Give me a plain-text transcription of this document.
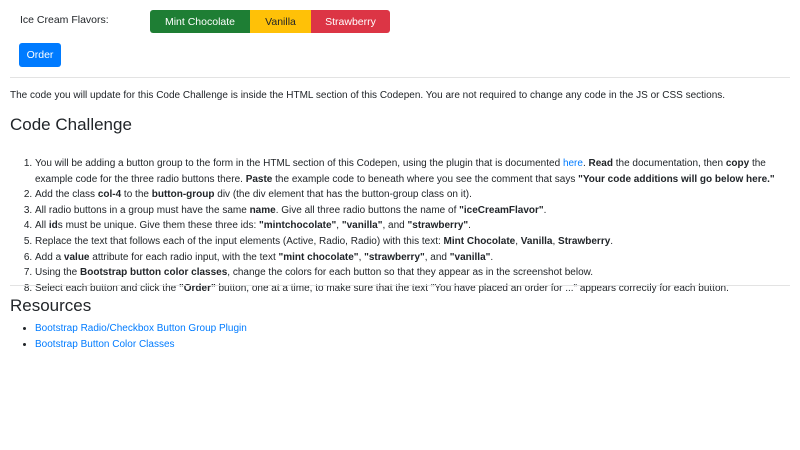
Ice Cream Flavors:	Mint Chocolate	Vanilla	Strawberry
Order
The code you will update for this Code Challenge is inside the HTML section of this Codepen. You are not required to change any code in the JS or CSS sections.
Code Challenge
1. You will be adding a button group to the form in the HTML section of this Codepen, using the plugin that is documented here. Read the documentation, then copy the
example code for the three radio buttons there. Paste the example code to beneath where you see the comment that says "Your code additions will go below here."
2. Add the class col-4 to the button-group div (the div element that has the button-group class on it).
3. All radio buttons in a group must have the same name. Give all three radio buttons the name of "iceCreamFlavor".
4. All ids must be unique. Give them these three ids: "mintchocolate", "vanilla", and "strawberry".
5. Replace the text that follows each of the input elements (Active, Radio, Radio) with this text: Mint Chocolate, Vanilla, Strawberry.
6. Add a value attribute for each radio input, with the text "mint chocolate", "strawberry", and "vanilla".
7. Using the Bootstrap button color classes, change the colors for each button so that they appear as in the screenshot below.
8. Select each button and click the "Order" button, one at a time, to make sure that the text "You have placed an order for ..." appears correctly for each button.
Resources
• Bootstrap Radio/Checkbox Button Group Plugin
• Bootstrap Button Color Classes
